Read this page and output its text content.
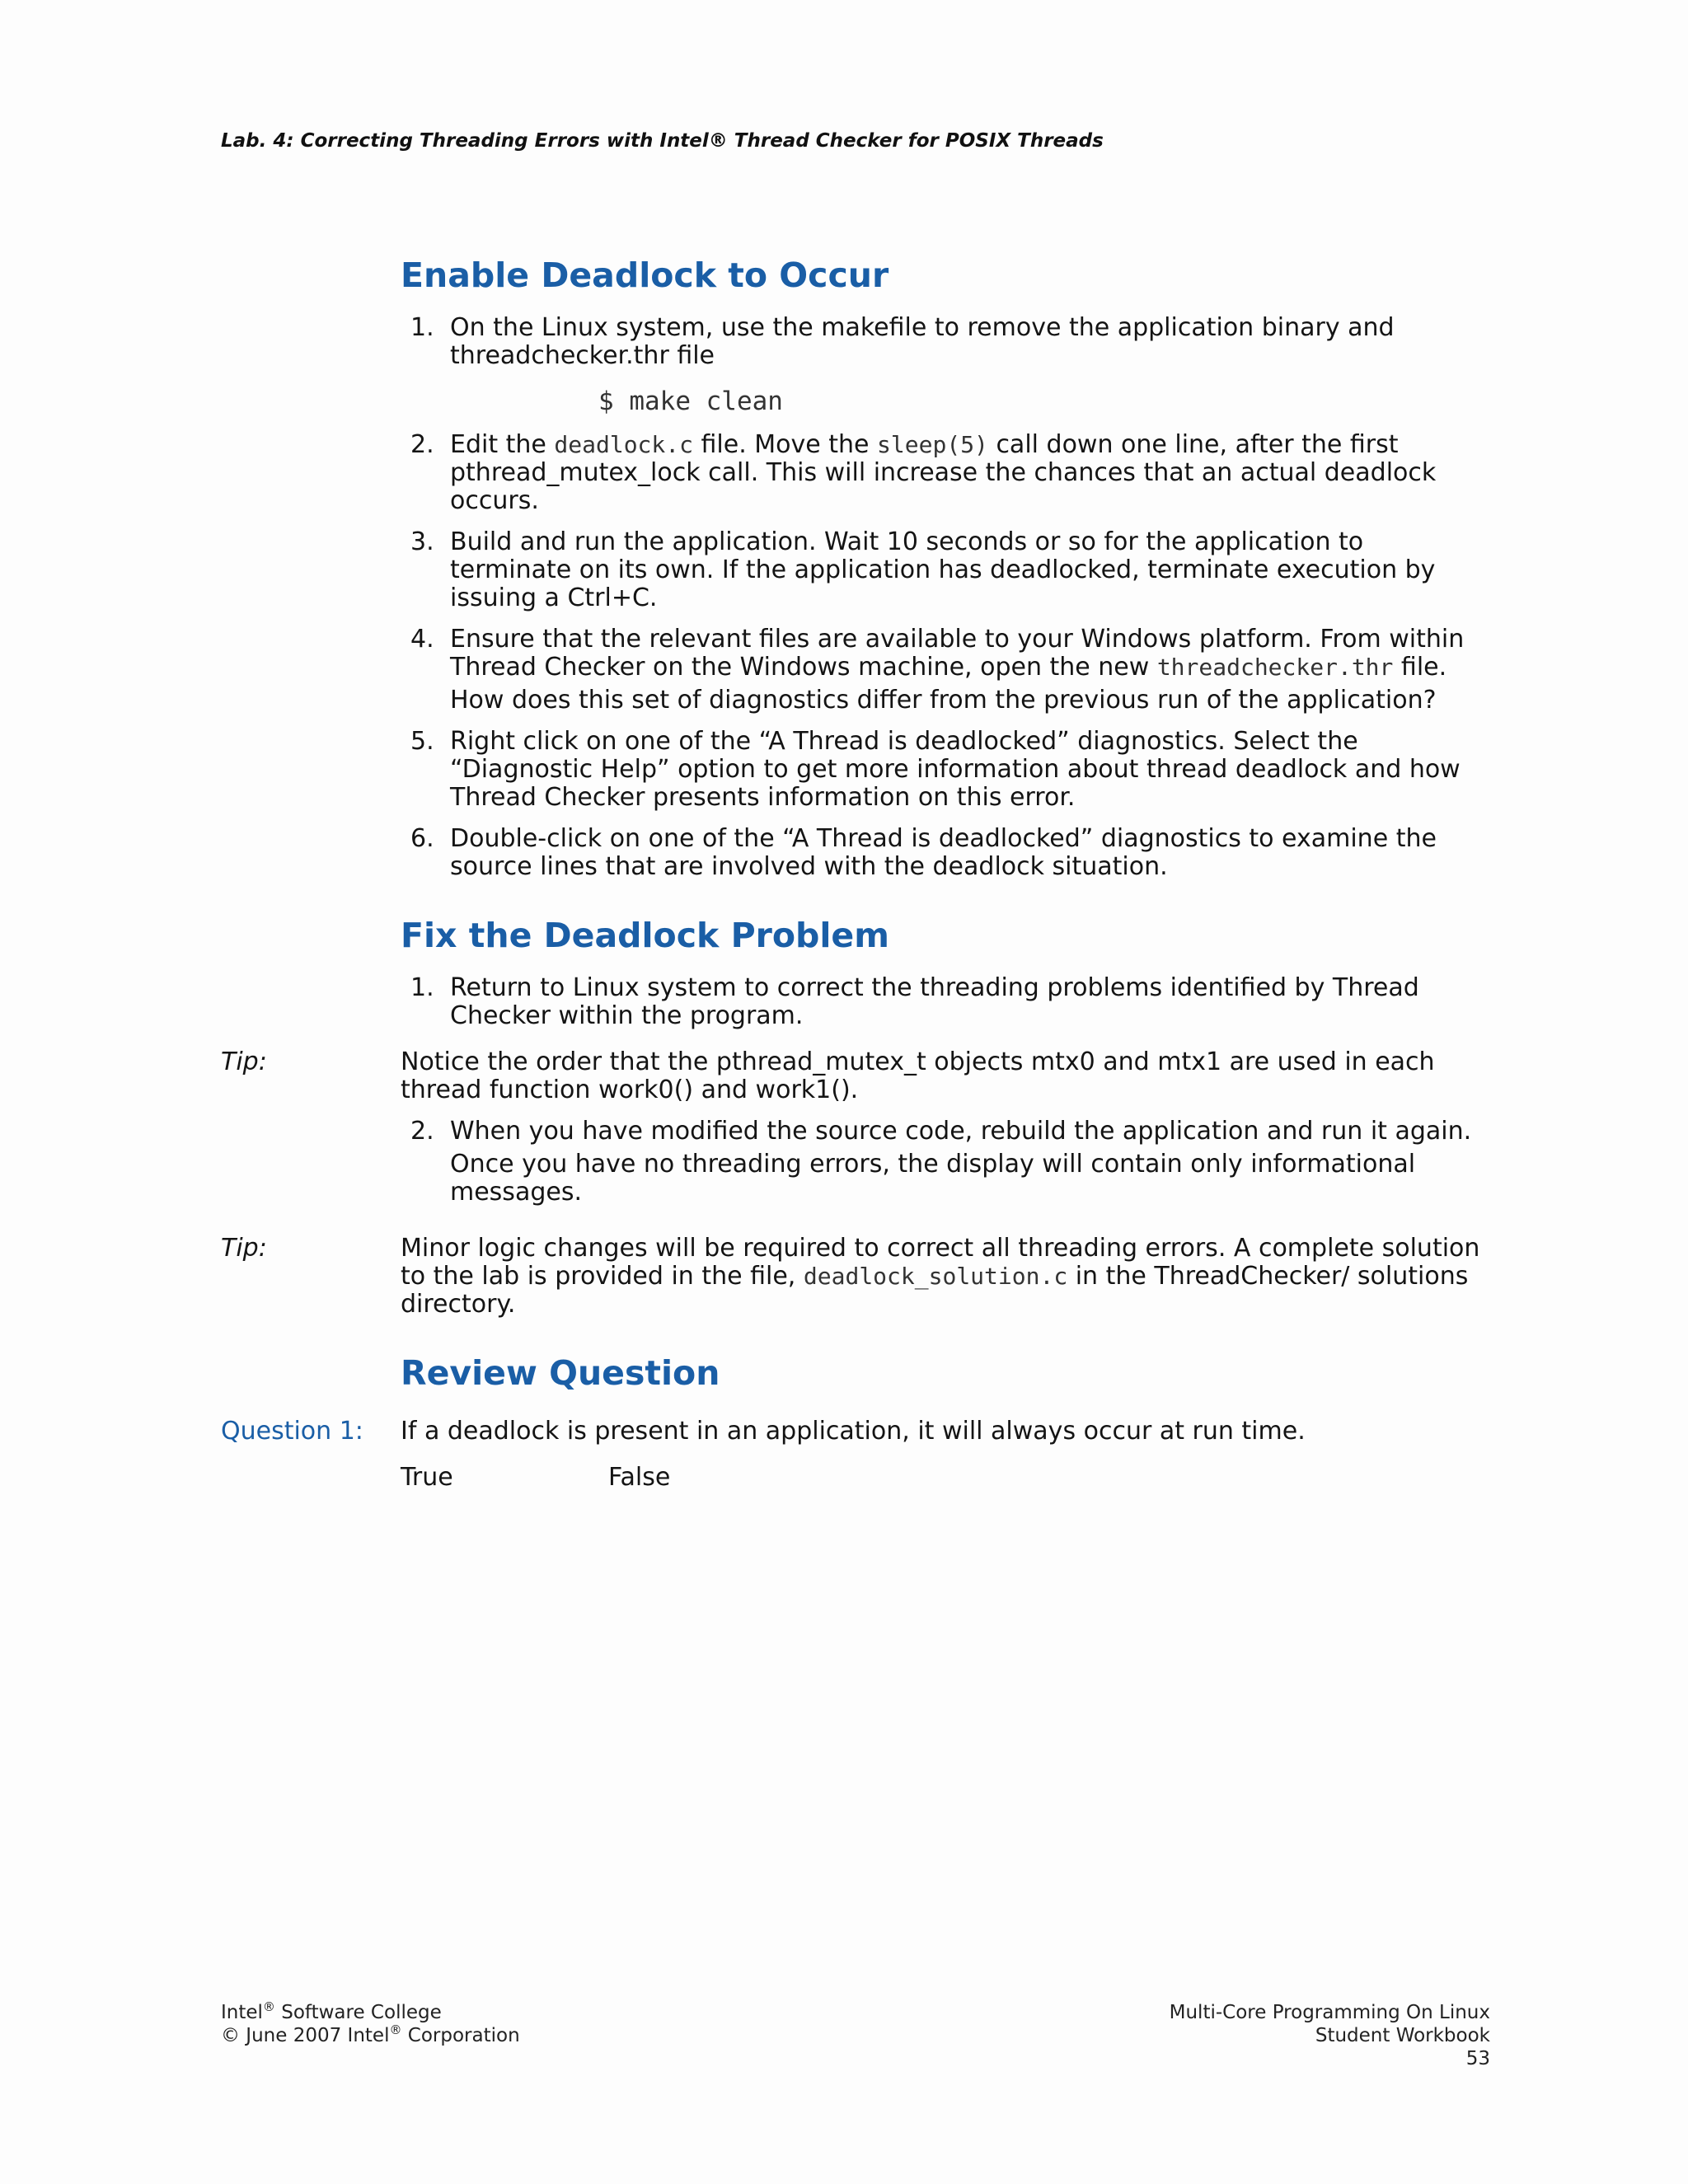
Lab. 4: Correcting Threading Errors with Intel® Thread Checker for POSIX Threads
Enable Deadlock to Occur
1. On the Linux system, use the makefile to remove the application binary and threadchecker.thr file
$ make clean
2. Edit the deadlock.c file. Move the sleep(5) call down one line, after the first pthread_mutex_lock call. This will increase the chances that an actual deadlock occurs.
3. Build and run the application. Wait 10 seconds or so for the application to terminate on its own. If the application has deadlocked, terminate execution by issuing a Ctrl+C.
4. Ensure that the relevant files are available to your Windows platform. From within Thread Checker on the Windows machine, open the new threadchecker.thr file.
How does this set of diagnostics differ from the previous run of the application?
5. Right click on one of the “A Thread is deadlocked” diagnostics. Select the “Diagnostic Help” option to get more information about thread deadlock and how Thread Checker presents information on this error.
6. Double-click on one of the “A Thread is deadlocked” diagnostics to examine the source lines that are involved with the deadlock situation.
Fix the Deadlock Problem
1. Return to Linux system to correct the threading problems identified by Thread Checker within the program.
Tip:	Notice the order that the pthread_mutex_t objects mtx0 and mtx1 are used in each thread function work0() and work1().
2. When you have modified the source code, rebuild the application and run it again.
Once you have no threading errors, the display will contain only informational messages.
Tip:	Minor logic changes will be required to correct all threading errors. A complete solution to the lab is provided in the file, deadlock_solution.c in the ThreadChecker/ solutions directory.
Review Question
Question 1: If a deadlock is present in an application, it will always occur at run time.
True	False
Intel® Software College
© June 2007 Intel® Corporation
Multi-Core Programming On Linux
Student Workbook
53
